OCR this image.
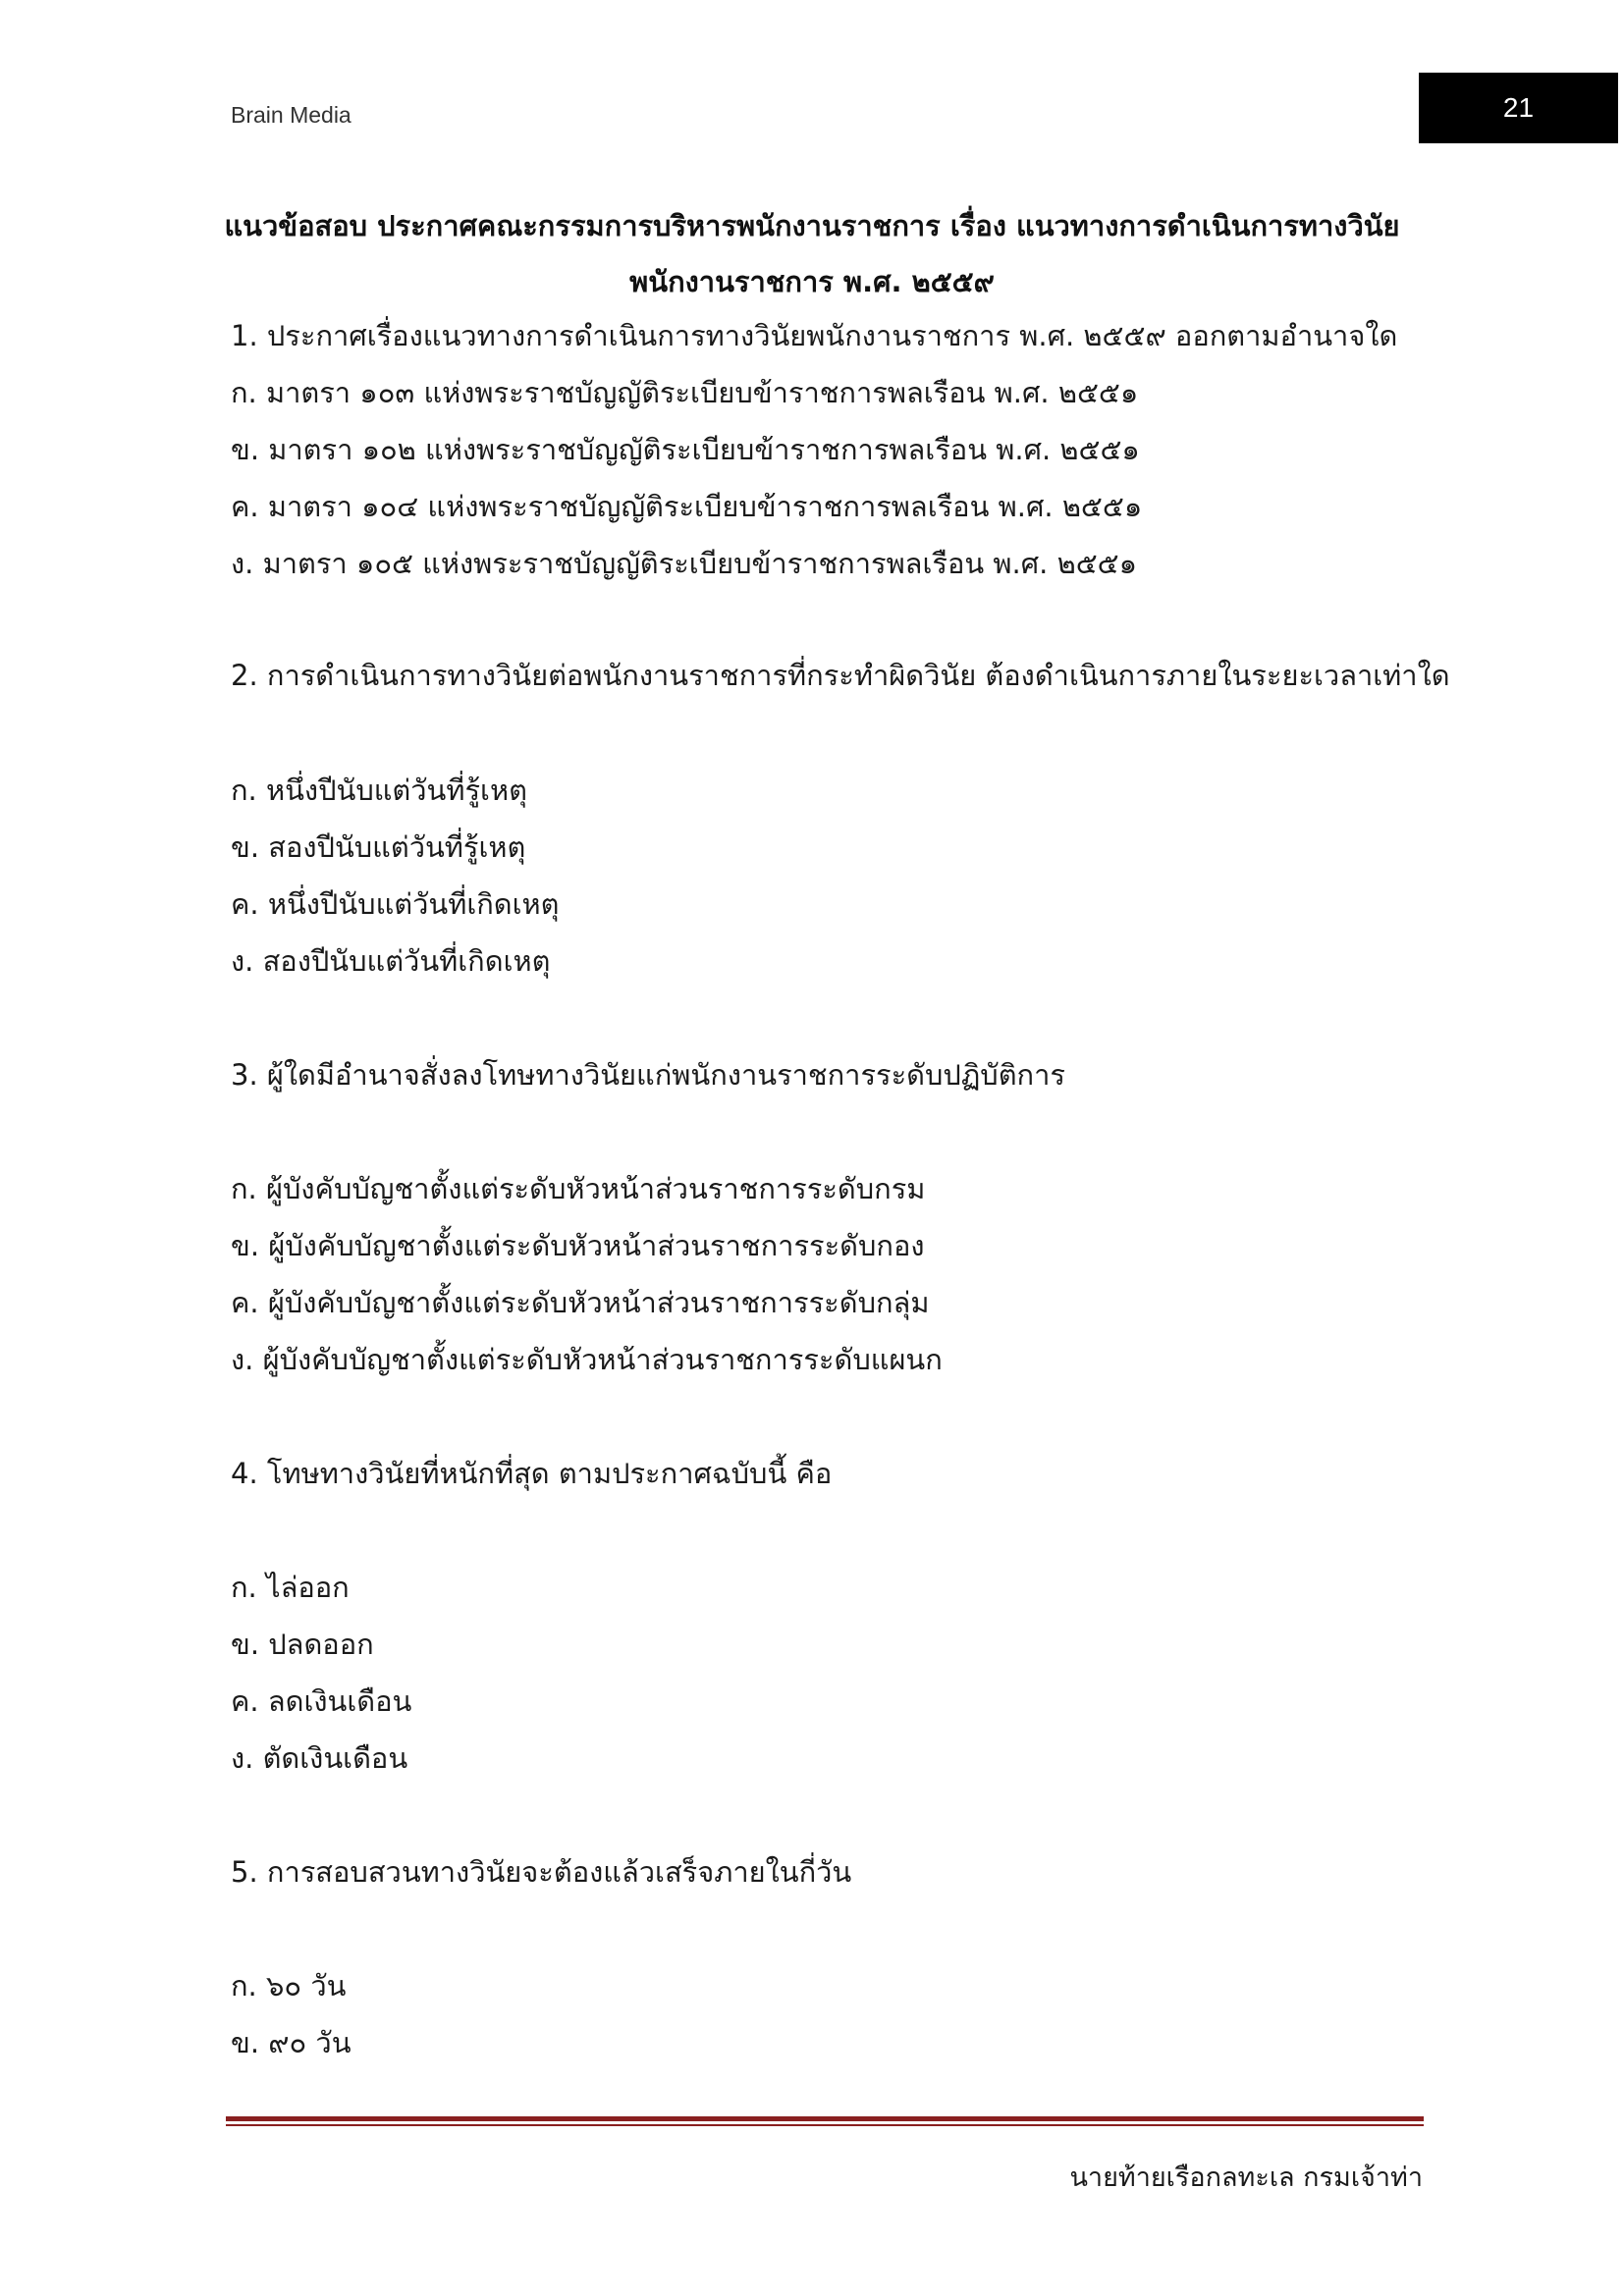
Brain Media	21
แนวข้อสอบ ประกาศคณะกรรมการบริหารพนักงานราชการ เรื่อง แนวทางการดำเนินการทางวินัย
พนักงานราชการ พ.ศ. ๒๕๕๙
1. ประกาศเรื่องแนวทางการดำเนินการทางวินัยพนักงานราชการ พ.ศ. ๒๕๕๙ ออกตามอำนาจใด
ก. มาตรา ๑๐๓ แห่งพระราชบัญญัติระเบียบข้าราชการพลเรือน พ.ศ. ๒๕๕๑
ข. มาตรา ๑๐๒ แห่งพระราชบัญญัติระเบียบข้าราชการพลเรือน พ.ศ. ๒๕๕๑
ค. มาตรา ๑๐๔ แห่งพระราชบัญญัติระเบียบข้าราชการพลเรือน พ.ศ. ๒๕๕๑
ง. มาตรา ๑๐๕ แห่งพระราชบัญญัติระเบียบข้าราชการพลเรือน พ.ศ. ๒๕๕๑
2. การดำเนินการทางวินัยต่อพนักงานราชการที่กระทำผิดวินัย ต้องดำเนินการภายในระยะเวลาเท่าใด
ก. หนึ่งปีนับแต่วันที่รู้เหตุ
ข. สองปีนับแต่วันที่รู้เหตุ
ค. หนึ่งปีนับแต่วันที่เกิดเหตุ
ง. สองปีนับแต่วันที่เกิดเหตุ
3. ผู้ใดมีอำนาจสั่งลงโทษทางวินัยแก่พนักงานราชการระดับปฏิบัติการ
ก. ผู้บังคับบัญชาตั้งแต่ระดับหัวหน้าส่วนราชการระดับกรม
ข. ผู้บังคับบัญชาตั้งแต่ระดับหัวหน้าส่วนราชการระดับกอง
ค. ผู้บังคับบัญชาตั้งแต่ระดับหัวหน้าส่วนราชการระดับกลุ่ม
ง. ผู้บังคับบัญชาตั้งแต่ระดับหัวหน้าส่วนราชการระดับแผนก
4. โทษทางวินัยที่หนักที่สุด ตามประกาศฉบับนี้ คือ
ก. ไล่ออก
ข. ปลดออก
ค. ลดเงินเดือน
ง. ตัดเงินเดือน
5. การสอบสวนทางวินัยจะต้องแล้วเสร็จภายในกี่วัน
ก. ๖๐ วัน
ข. ๙๐ วัน
นายท้ายเรือกลทะเล กรมเจ้าท่า
